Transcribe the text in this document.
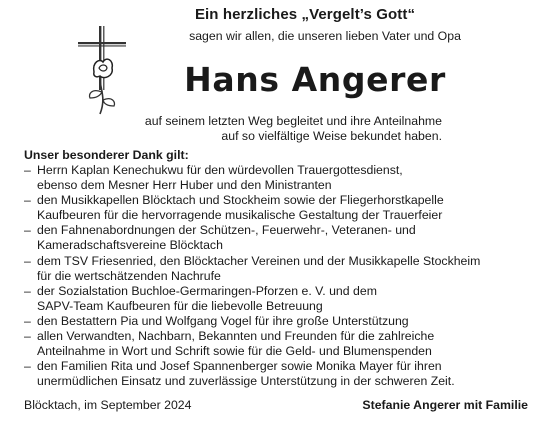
Ein herzliches „Vergelt’s Gott“
sagen wir allen, die unseren lieben Vater und Opa
Hans Angerer
auf seinem letzten Weg begleitet und ihre Anteilnahme
auf so vielfältige Weise bekundet haben.
Unser besonderer Dank gilt:
– Herrn Kaplan Kenechukwu für den würdevollen Trauergottesdienst,
ebenso dem Mesner Herr Huber und den Ministranten
– den Musikkapellen Blöcktach und Stockheim sowie der Fliegerhorstkapelle
Kaufbeuren für die hervorragende musikalische Gestaltung der Trauerfeier
– den Fahnenabordnungen der Schützen-, Feuerwehr-, Veteranen- und
Kameradschaftsvereine Blöcktach
– dem TSV Friesenried, den Blöcktacher Vereinen und der Musikkapelle Stockheim
für die wertschätzenden Nachrufe
– der Sozialstation Buchloe-Germaringen-Pforzen e. V. und dem
SAPV-Team Kaufbeuren für die liebevolle Betreuung
– den Bestattern Pia und Wolfgang Vogel für ihre große Unterstützung
– allen Verwandten, Nachbarn, Bekannten und Freunden für die zahlreiche
Anteilnahme in Wort und Schrift sowie für die Geld- und Blumenspenden
– den Familien Rita und Josef Spannenberger sowie Monika Mayer für ihren
unermüdlichen Einsatz und zuverlässige Unterstützung in der schweren Zeit.
Blöcktach, im September 2024	Stefanie Angerer mit Familie
